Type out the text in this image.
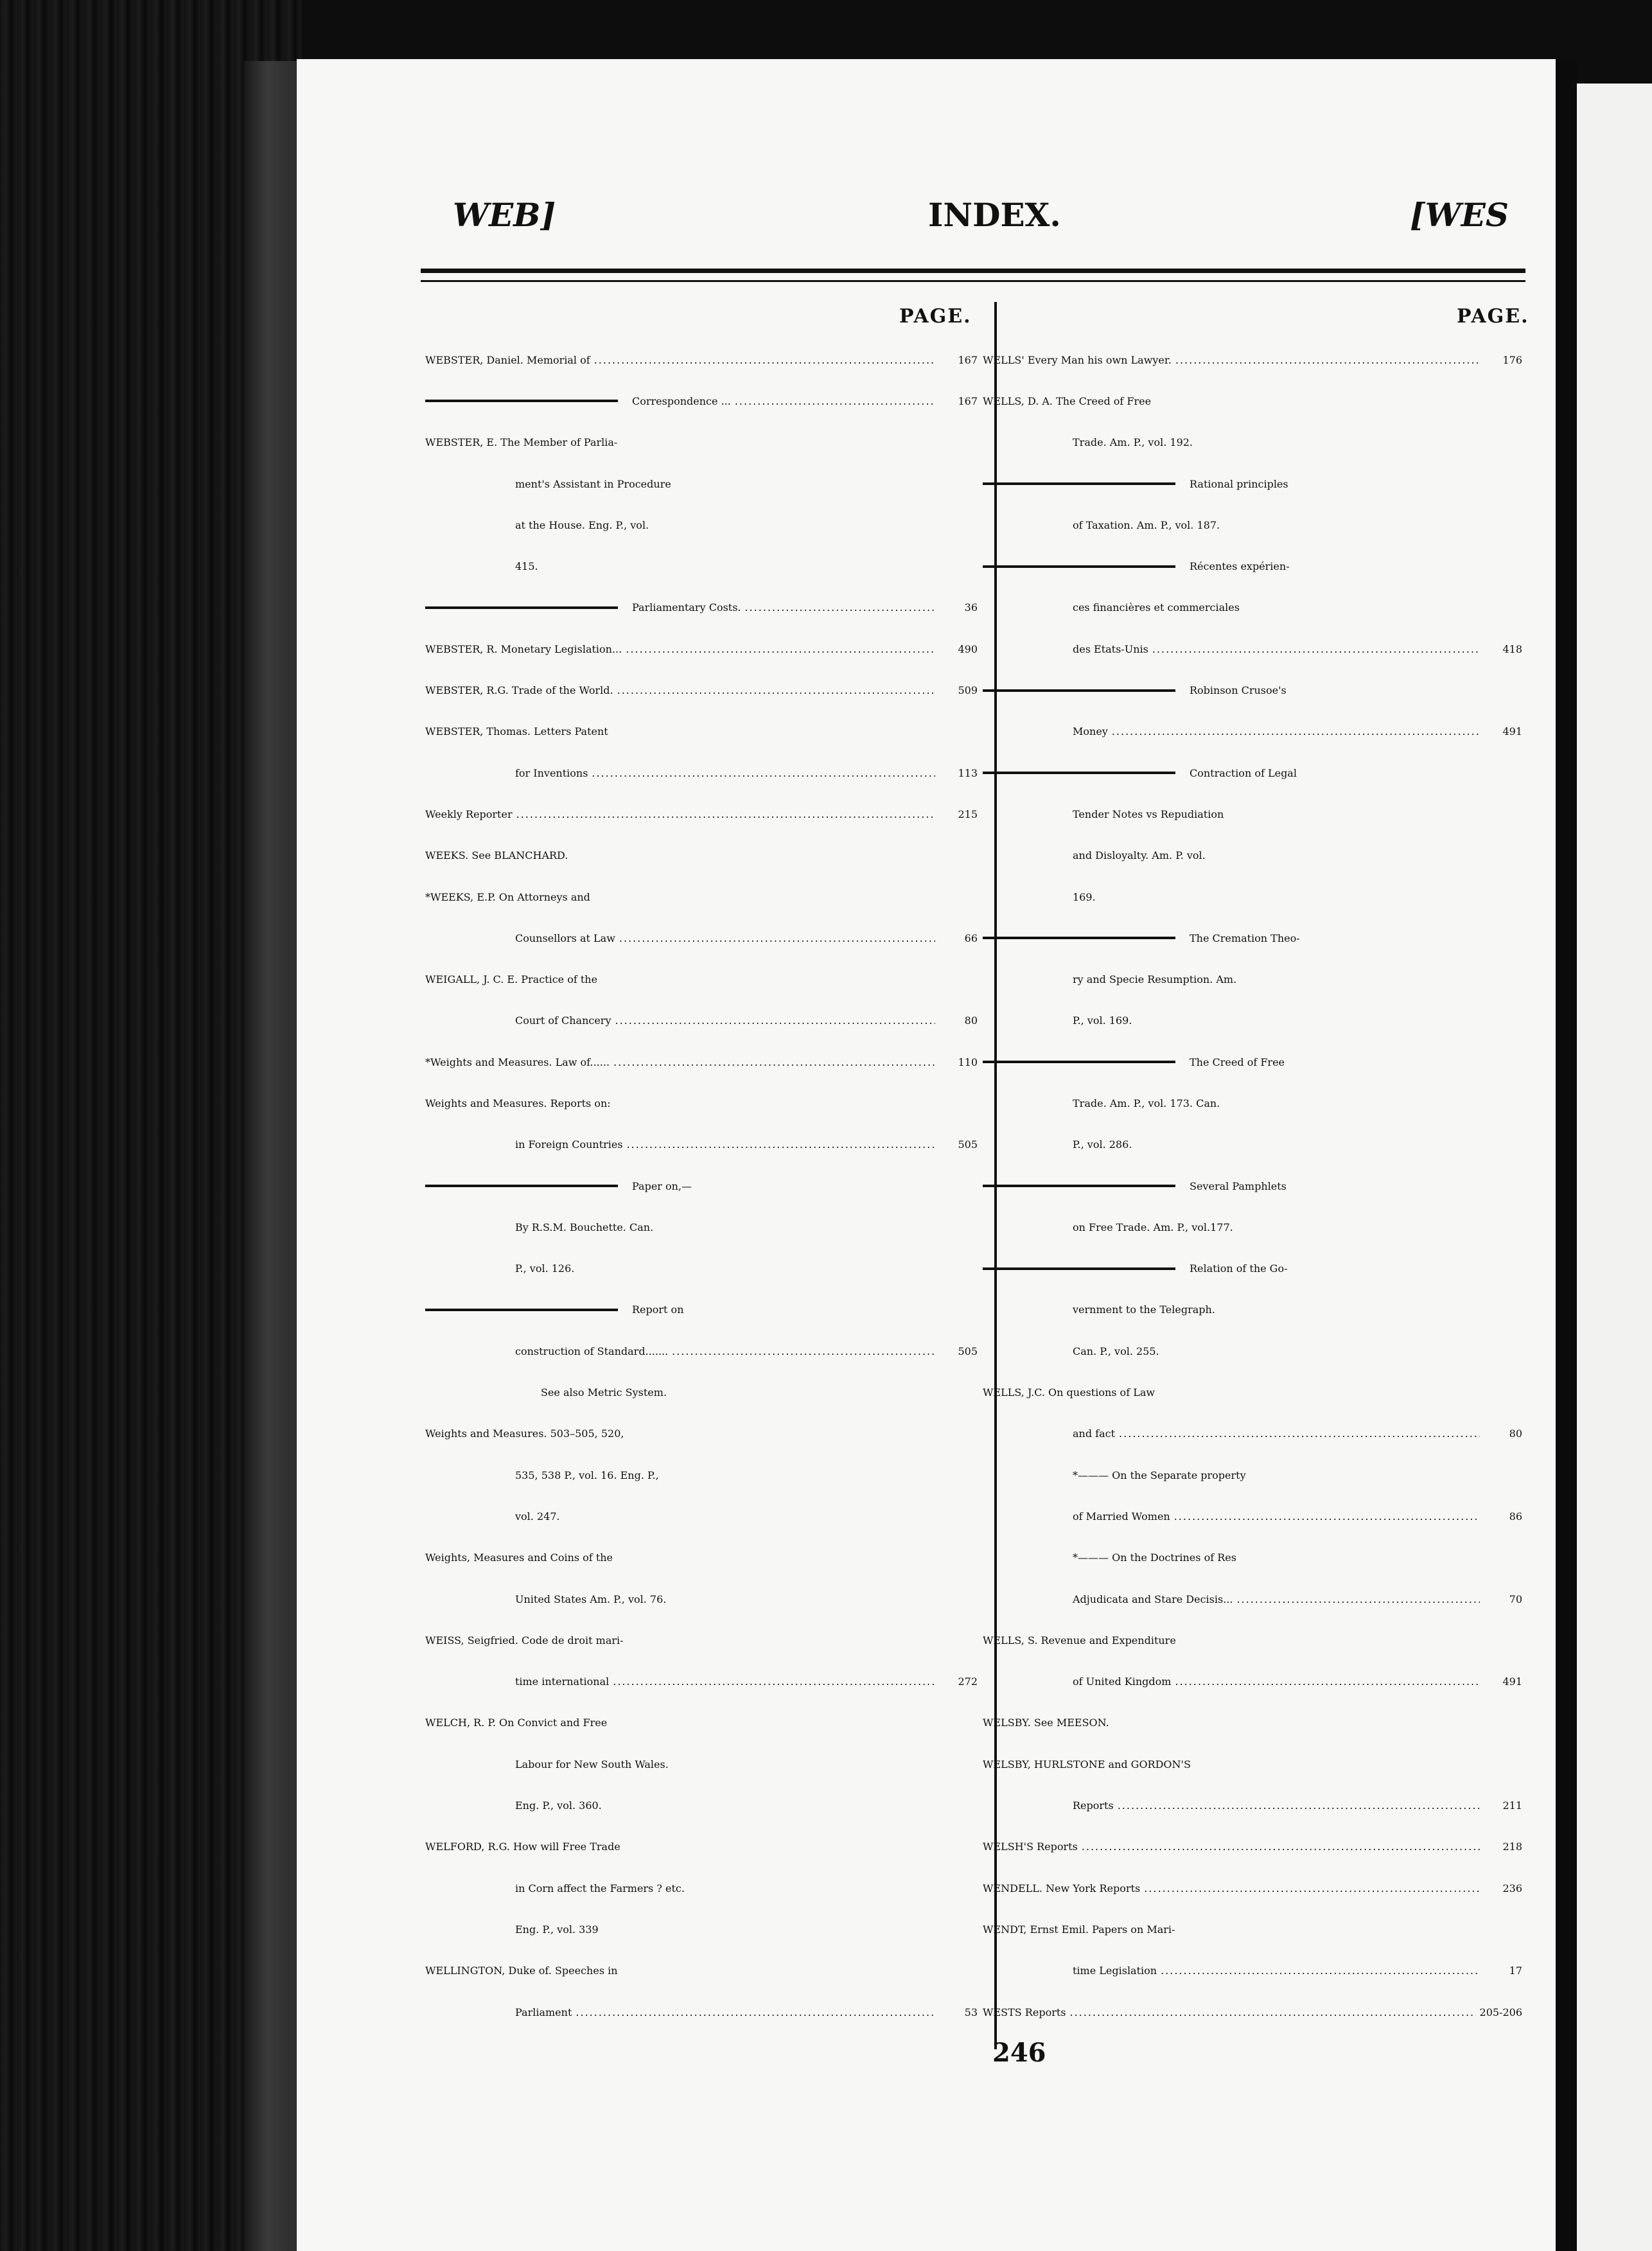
WEB]	INDEX.	[WES
PAGE.	PAGE.
WEBSTER, Daniel. Memorial of .....	167
Correspondence ... .....	167
WEBSTER, E. The Member of Parlia-
ment's Assistant in Procedure
at the House. Eng. P., vol.
415.
Parliamentary Costs. .....	36
WEBSTER, R. Monetary Legislation... .....	490
WEBSTER, R.G. Trade of the World. .....	509
WEBSTER, Thomas. Letters Patent
for Inventions .....	113
Weekly Reporter .....	215
WEEKS. See BLANCHARD.
*WEEKS, E.P. On Attorneys and
Counsellors at Law .....	66
WEIGALL, J. C. E. Practice of the
Court of Chancery .....	80
*Weights and Measures. Law of...... .....	110
Weights and Measures. Reports on:
in Foreign Countries .....	505
Paper on,—
By R.S.M. Bouchette. Can.
P., vol. 126.
Report on
construction of Standard....... .....	505
See also Metric System.
Weights and Measures. 503–505, 520,
535, 538 P., vol. 16. Eng. P.,
vol. 247.
Weights, Measures and Coins of the
United States Am. P., vol. 76.
WEISS, Seigfried. Code de droit mari-
time international .....	272
WELCH, R. P. On Convict and Free
Labour for New South Wales.
Eng. P., vol. 360.
WELFORD, R.G. How will Free Trade
in Corn affect the Farmers ? etc.
Eng. P., vol. 339
WELLINGTON, Duke of. Speeches in
Parliament .....	53
WELLS' Every Man his own Lawyer. .....	176
WELLS, D. A. The Creed of Free
Trade. Am. P., vol. 192.
Rational principles
of Taxation. Am. P., vol. 187.
Récentes expérien-
ces financières et commerciales
des Etats-Unis .....	418
Robinson Crusoe's
Money .....	491
Contraction of Legal
Tender Notes vs Repudiation
and Disloyalty. Am. P. vol.
169.
The Cremation Theo-
ry and Specie Resumption. Am.
P., vol. 169.
The Creed of Free
Trade. Am. P., vol. 173. Can.
P., vol. 286.
Several Pamphlets
on Free Trade. Am. P., vol.177.
Relation of the Go-
vernment to the Telegraph.
Can. P., vol. 255.
WELLS, J.C. On questions of Law
and fact .....	80
*——— On the Separate property
of Married Women .....	86
*——— On the Doctrines of Res
Adjudicata and Stare Decisis... .....	70
WELLS, S. Revenue and Expenditure
of United Kingdom .....	491
WELSBY. See MEESON.
WELSBY, HURLSTONE and GORDON'S
Reports .....	211
WELSH'S Reports .....	218
WENDELL. New York Reports .....	236
WENDT, Ernst Emil. Papers on Mari-
time Legislation .....	17
WESTS Reports .....	205-206
246
